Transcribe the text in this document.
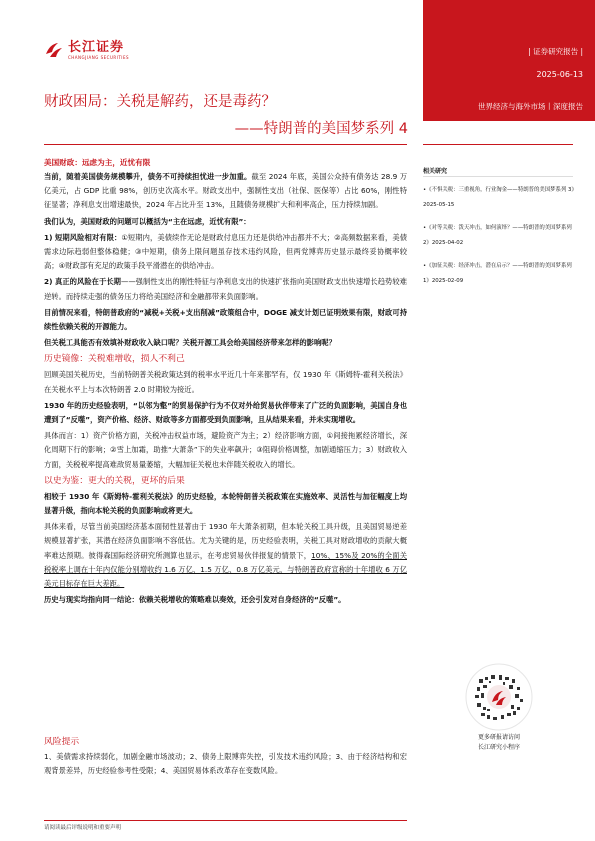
长江证券
CHANGJIANG SECURITIES
| 证券研究报告 |
2025-06-13
世界经济与海外市场丨深度报告
财政困局：关税是解药，还是毒药？
——特朗普的美国梦系列 4
美国财政：远虑为主，近忧有限

当前，随着美国债务规模攀升，债务不可持续担忧进一步加重。截至 2024 年底，美国公众持有债务达 28.9 万亿美元，占 GDP 比重 98%，创历史次高水平。财政支出中，强制性支出（社保、医保等）占比 60%，刚性特征显著；净利息支出增速最快，2024 年占比升至 13%，且随债务规模扩大和利率高企，压力持续加剧。

我们认为，美国财政的问题可以概括为“主在远虑，近忧有限”：

1) 短期风险相对有限：①短期内，美债续作无论是财政付息压力还是供给冲击都并不大；②高频数据来看，美债需求边际趋弱但整体稳健；③中短期，债务上限问题虽存技术违约风险，但两党博弈历史显示最终妥协概率较高；④财政部有充足的政策手段平滑潜在的供给冲击。

2) 真正的风险在于长期——强制性支出的刚性特征与净利息支出的快速扩张指向美国财政支出快速增长趋势较难逆转。而持续走强的债务压力将给美国经济和金融都带来负面影响。

目前情况来看，特朗普政府的“减税+关税+支出削减”政策组合中，DOGE 减支计划已证明效果有限，财政可持续性依赖关税的开源能力。

但关税工具能否有效填补财政收入缺口呢？关税开源工具会给美国经济带来怎样的影响呢？

历史镜像：关税难增收，损人不利己

回顾美国关税历史，当前特朗普关税政策达到的税率水平近几十年来都罕有，仅 1930 年《斯姆特-霍利关税法》在关税水平上与本次特朗普 2.0 时期较为接近。

1930 年的历史经验表明，“以邻为壑”的贸易保护行为不仅对外给贸易伙伴带来了广泛的负面影响，美国自身也遭到了“反噬”，资产价格、经济、财政等多方面都受到负面影响，且从结果来看，并未实现增收。

具体而言：1）资产价格方面，关税冲击权益市场，避险资产为主；2）经济影响方面，①间接拖累经济增长，深化周期下行的影响；②雪上加霜，助推“大萧条”下的失业率飙升；③阻碍价格调整，加剧通缩压力；3）财政收入方面，关税税率提高难敌贸易量萎缩，大幅加征关税也未伴随关税收入的增长。

以史为鉴：更大的关税，更坏的后果

相较于 1930 年《斯姆特-霍利关税法》的历史经验，本轮特朗普关税政策在实施效率、灵活性与加征幅度上均显著升级，指向本轮关税的负面影响或将更大。

具体来看，尽管当前美国经济基本面韧性显著由于 1930 年大萧条初期，但本轮关税工具升级，且美国贸易逆差规模显著扩张，其潜在经济负面影响不容低估。尤为关键的是，历史经验表明，关税工具对财政增收的贡献大概率难达预期。彼得森国际经济研究所测算也显示，在考虑贸易伙伴报复的情景下，10%、15%及 20%的全面关税税率上调在十年内仅能分别增收约 1.6 万亿、1.5 万亿、0.8 万亿美元，与特朗普政府宣称的十年增收 6 万亿美元目标存在巨大差距。

历史与现实均指向同一结论：依赖关税增收的策略难以奏效，还会引发对自身经济的“反噬”。

风险提示
1、美债需求持续弱化，加剧金融市场波动；2、债务上限博弈失控，引发技术违约风险；3、由于经济结构和宏观背景差异，历史经验参考性受限；4、美国贸易体系改革存在变数风险。
请阅读最后评级说明和重要声明
相关研究
•《不惧关税：三重视角，行业淘金——特朗普的美国梦系列 3》2025-05-15
•《对等关税：泼天冲击，如何演绎？——特朗普的美国梦系列 2》2025-04-02
•《加征关税：经济冲击，潜在启示？——特朗普的美国梦系列 1》2025-02-09
更多研报请访问
长江研究小程序
